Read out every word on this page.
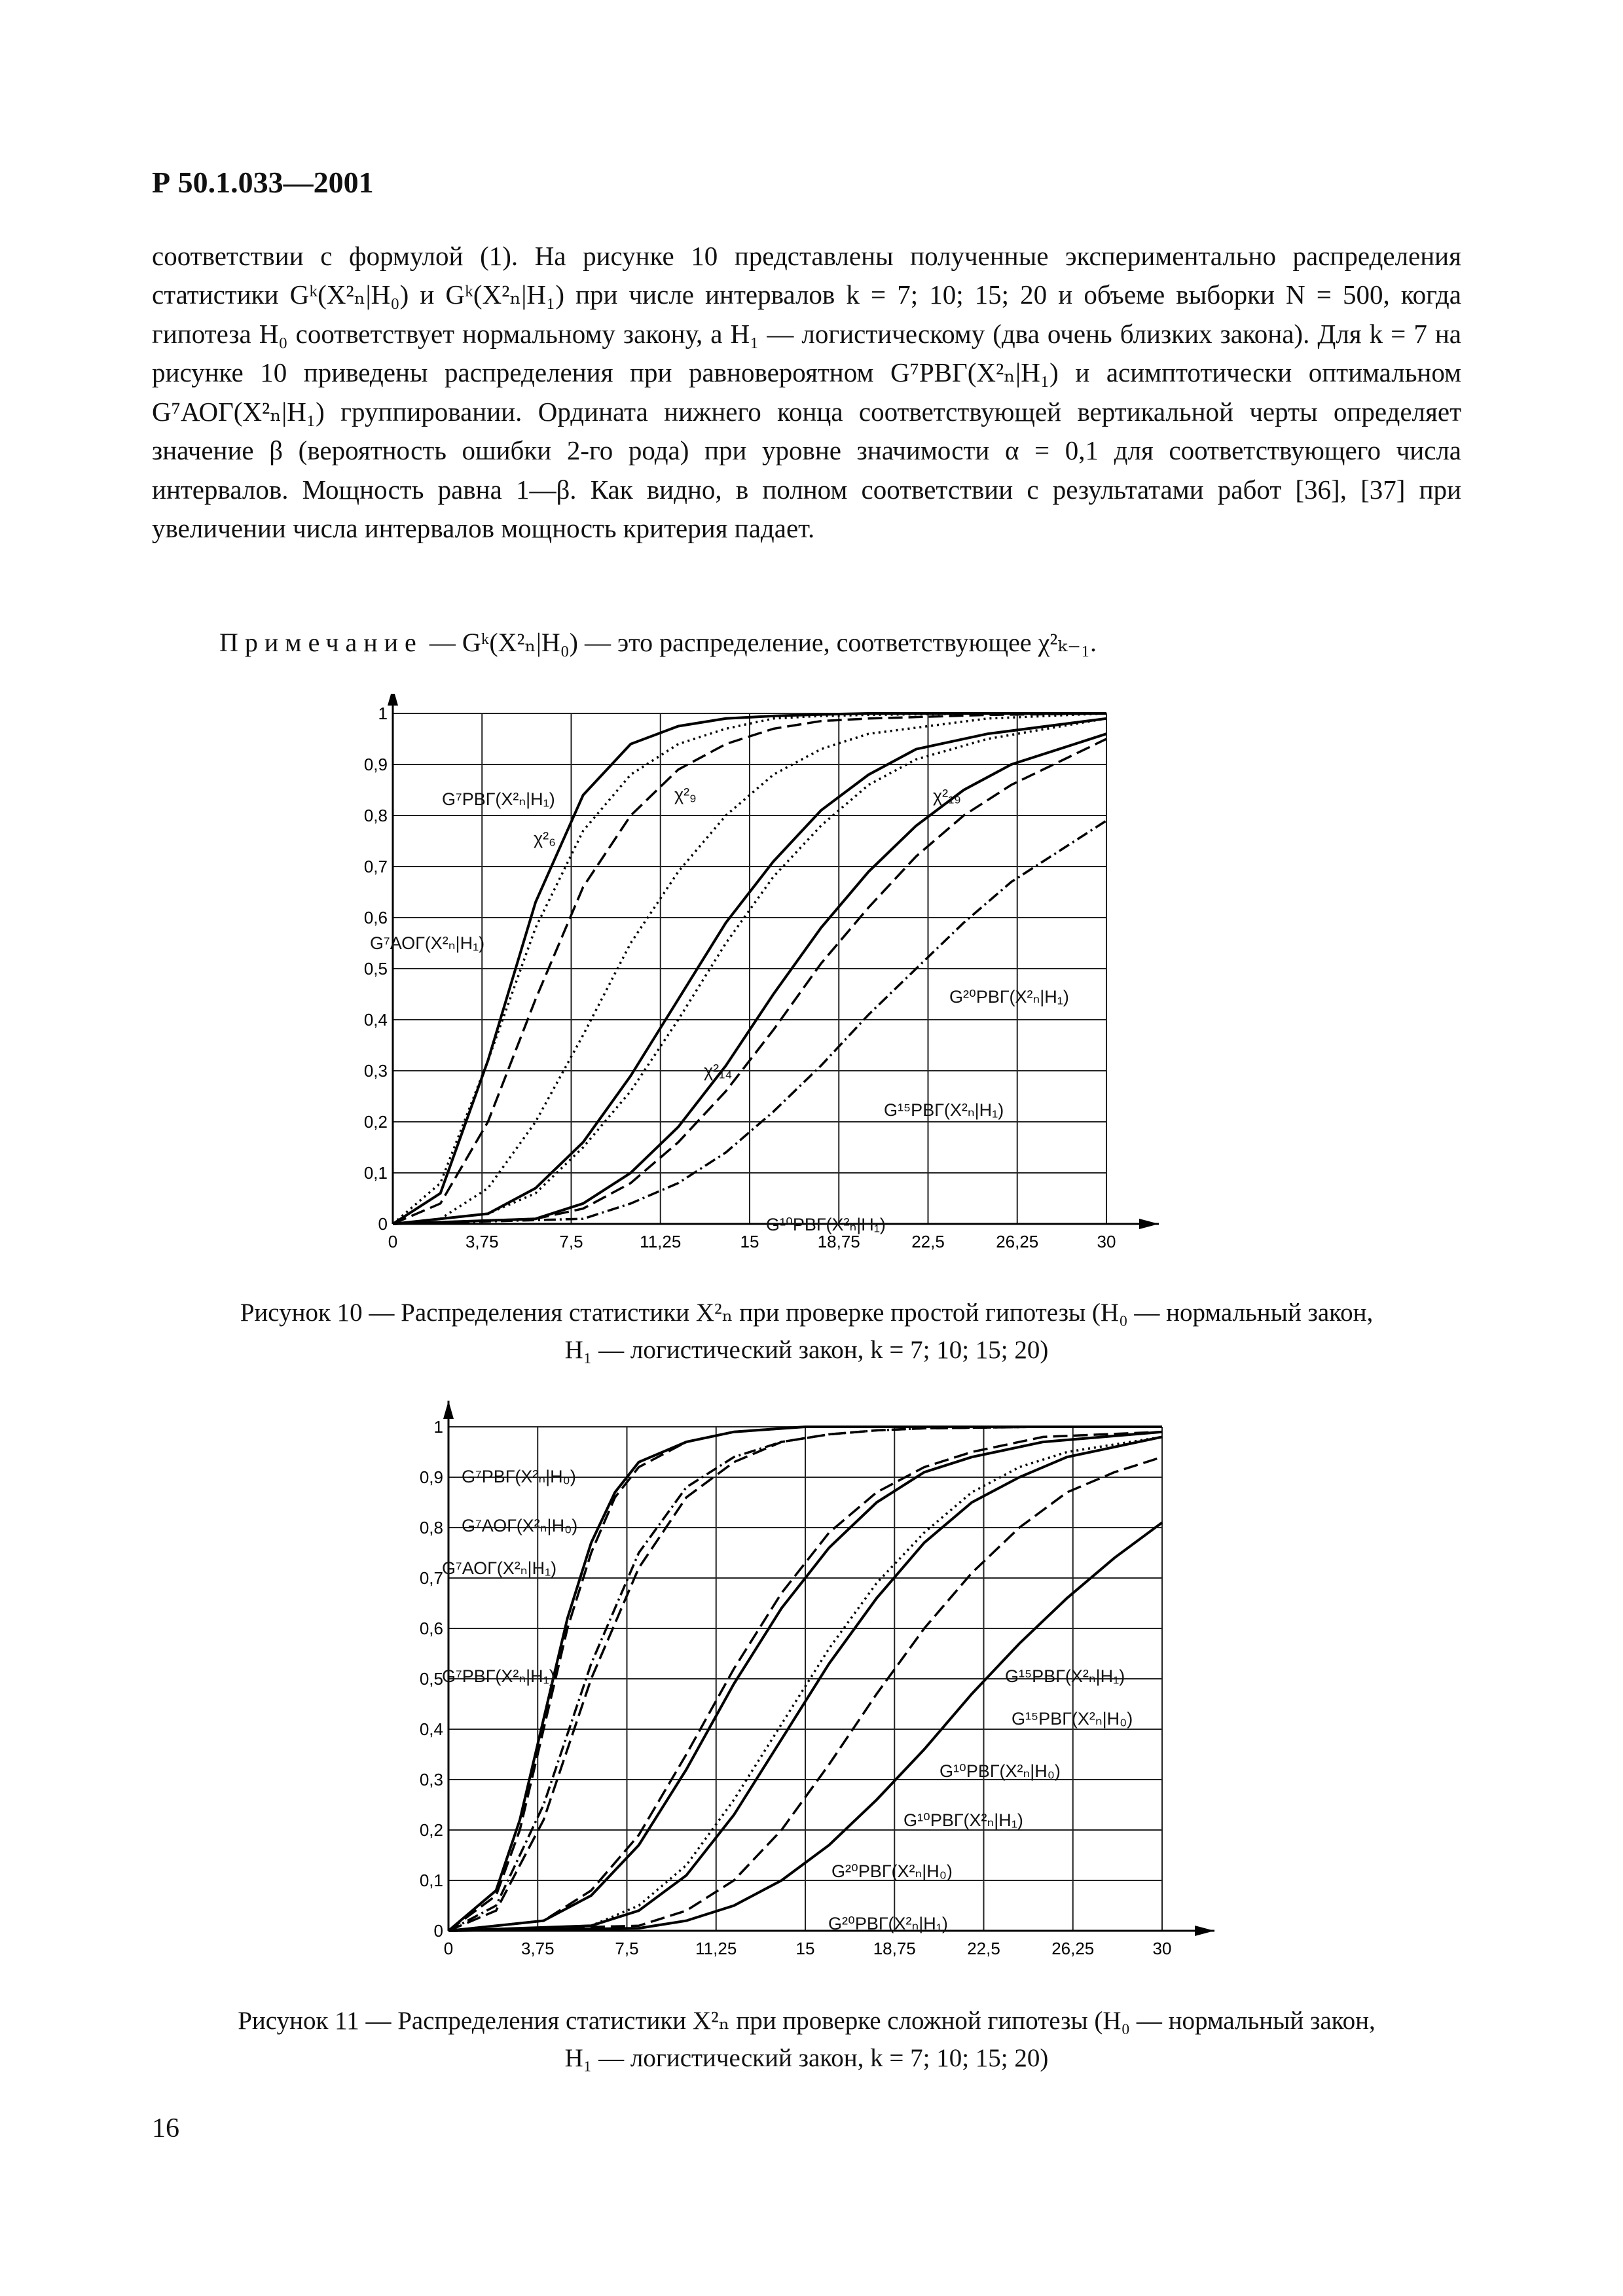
Р 50.1.033—2001

соответствии с формулой (1). На рисунке 10 представлены полученные экспериментально распределения статистики Gᵏ(X²ₙ|H₀) и Gᵏ(X²ₙ|H₁) при числе интервалов k = 7; 10; 15; 20 и объеме выборки N = 500, когда гипотеза H₀ соответствует нормальному закону, а H₁ — логистическому (два очень близких закона). Для k = 7 на рисунке 10 приведены распределения при равновероятном G⁷РВГ(X²ₙ|H₁) и асимптотически оптимальном G⁷АОГ(X²ₙ|H₁) группировании. Ордината нижнего конца соответствующей вертикальной черты определяет значение β (вероятность ошибки 2-го рода) при уровне значимости α = 0,1 для соответствующего числа интервалов. Мощность равна 1—β. Как видно, в полном соответствии с результатами работ [36], [37] при увеличении числа интервалов мощность критерия падает.

Примечание — Gᵏ(X²ₙ|H₀) — это распределение, соответствующее χ²ₖ₋₁.
0	3,75	7,5	11,25	15	18,75	22,5	26,25	30
0
0,1
0,2
0,3
0,4
0,5
0,6
0,7
0,8
0,9
1
G⁷РВГ(X²ₙ|H₁)	χ²₉	χ²₁₉
χ²₆
G⁷АОГ(X²ₙ|H₁)
G²⁰РВГ(X²ₙ|H₁)
χ²₁₄
G¹⁵РВГ(X²ₙ|H₁)
G¹⁰РВГ(X²ₙ|H₁)
Рисунок 10 — Распределения статистики X²ₙ при проверке простой гипотезы (H₀ — нормальный закон,
H₁ — логистический закон, k = 7; 10; 15; 20)
0	3,75	7,5	11,25	15	18,75	22,5	26,25	30
0
0,1
0,2
0,3
0,4
0,5
0,6
0,7
0,8
0,9
1
G⁷РВГ(X²ₙ|H₀)
G⁷АОГ(X²ₙ|H₀)
G⁷АОГ(X²ₙ|H₁)
G⁷РВГ(X²ₙ|H₁)	G¹⁵РВГ(X²ₙ|H₁)
G¹⁵РВГ(X²ₙ|H₀)
G¹⁰РВГ(X²ₙ|H₀)
G¹⁰РВГ(X²ₙ|H₁)
G²⁰РВГ(X²ₙ|H₀)
G²⁰РВГ(X²ₙ|H₁)
Рисунок 11 — Распределения статистики X²ₙ при проверке сложной гипотезы (H₀ — нормальный закон,
H₁ — логистический закон, k = 7; 10; 15; 20)
16
